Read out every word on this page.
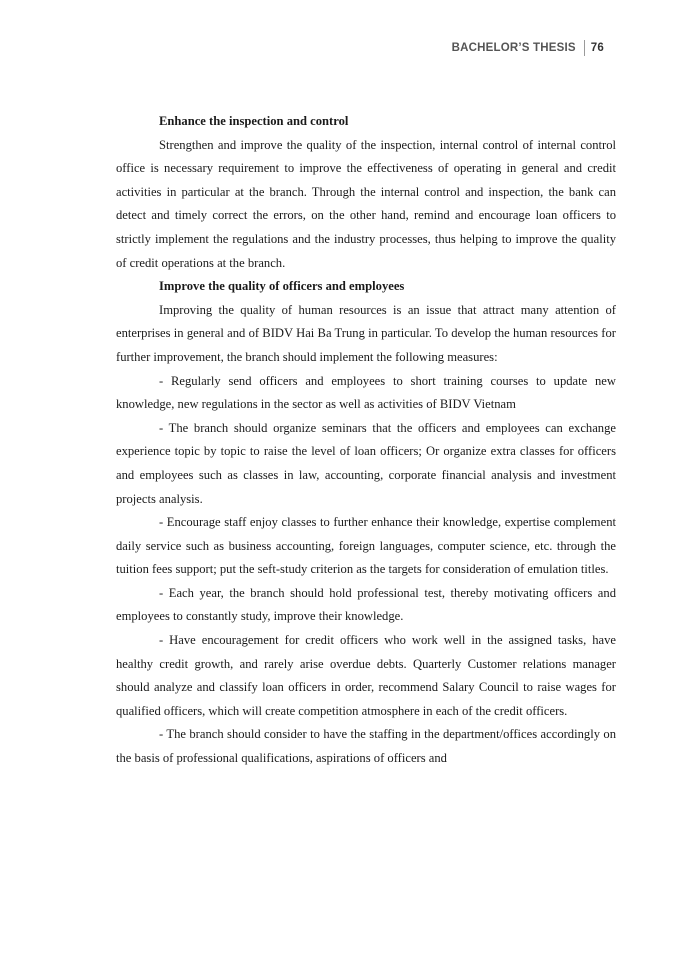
BACHELOR’S THESIS 76

Enhance the inspection and control

Strengthen and improve the quality of the inspection, internal control of internal control office is necessary requirement to improve the effectiveness of operating in general and credit activities in particular at the branch. Through the internal control and inspection, the bank can detect and timely correct the errors, on the other hand, remind and encourage loan officers to strictly implement the regulations and the industry processes, thus helping to improve the quality of credit operations at the branch.

Improve the quality of officers and employees

Improving the quality of human resources is an issue that attract many attention of enterprises in general and of BIDV Hai Ba Trung in particular. To develop the human resources for further improvement, the branch should implement the following measures:

- Regularly send officers and employees to short training courses to update new knowledge, new regulations in the sector as well as activities of BIDV Vietnam

- The branch should organize seminars that the officers and employees can exchange experience topic by topic to raise the level of loan officers; Or organize extra classes for officers and employees such as classes in law, accounting, corporate financial analysis and investment projects analysis.

- Encourage staff enjoy classes to further enhance their knowledge, expertise complement daily service such as business accounting, foreign languages, computer science, etc. through the tuition fees support; put the seft-study criterion as the targets for consideration of emulation titles.

- Each year, the branch should hold professional test, thereby motivating officers and employees to constantly study, improve their knowledge.

- Have encouragement for credit officers who work well in the assigned tasks, have healthy credit growth, and rarely arise overdue debts. Quarterly Customer relations manager should analyze and classify loan officers in order, recommend Salary Council to raise wages for qualified officers, which will create competition atmosphere in each of the credit officers.

- The branch should consider to have the staffing in the department/offices accordingly on the basis of professional qualifications, aspirations of officers and
